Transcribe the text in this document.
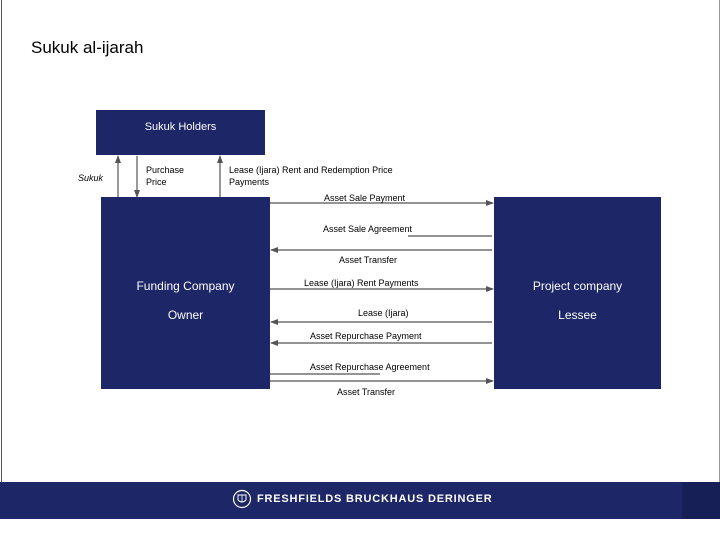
Sukuk al-ijarah
Sukuk Holders
Funding Company
Owner
Project company
Lessee
Sukuk
Purchase
Price
Lease (Ijara) Rent and Redemption Price
Payments
Asset Sale Payment
Asset Sale Agreement
Asset Transfer
Lease (Ijara) Rent Payments
Lease (Ijara)
Asset Repurchase Payment
Asset Repurchase Agreement
Asset Transfer
FRESHFIELDS BRUCKHAUS DERINGER
